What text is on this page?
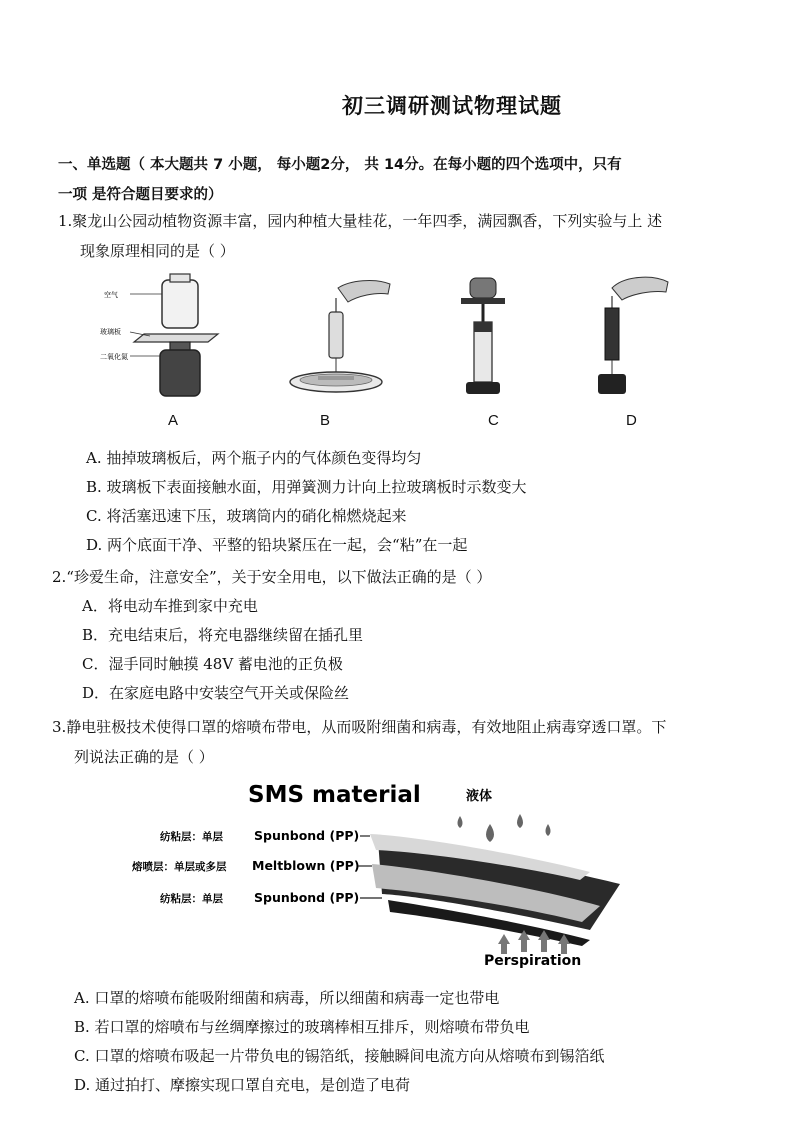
初三调研测试物理试题
一、单选题（ 本大题共 7 小题， 每小题2分， 共 14分。在每小题的四个选项中，只有
一项 是符合题目要求的）
1.聚龙山公园动植物资源丰富，园内种植大量桂花，一年四季，满园飘香，下列实验与上 述
现象原理相同的是（ ）
空气
玻璃板
二氧化氮
A	B	C	D
A. 抽掉玻璃板后，两个瓶子内的气体颜色变得均匀
B. 玻璃板下表面接触水面，用弹簧测力计向上拉玻璃板时示数变大
C. 将活塞迅速下压，玻璃筒内的硝化棉燃烧起来
D. 两个底面干净、平整的铅块紧压在一起，会“粘”在一起
2.“珍爱生命，注意安全”，关于安全用电，以下做法正确的是（ ）
A．将电动车推到家中充电
B．充电结束后，将充电器继续留在插孔里
C．湿手同时触摸 48V 蓄电池的正负极
D．在家庭电路中安装空气开关或保险丝
3.静电驻极技术使得口罩的熔喷布带电，从而吸附细菌和病毒，有效地阻止病毒穿透口罩。下
列说法正确的是（ ）
SMS material	液体
纺粘层：单层 Spunbond (PP)
熔喷层：单层或多层 Meltblown (PP)
纺粘层：单层 Spunbond (PP)
Perspiration
A. 口罩的熔喷布能吸附细菌和病毒，所以细菌和病毒一定也带电
B. 若口罩的熔喷布与丝绸摩擦过的玻璃棒相互排斥，则熔喷布带负电
C. 口罩的熔喷布吸起一片带负电的锡箔纸，接触瞬间电流方向从熔喷布到锡箔纸
D. 通过拍打、摩擦实现口罩自充电，是创造了电荷
